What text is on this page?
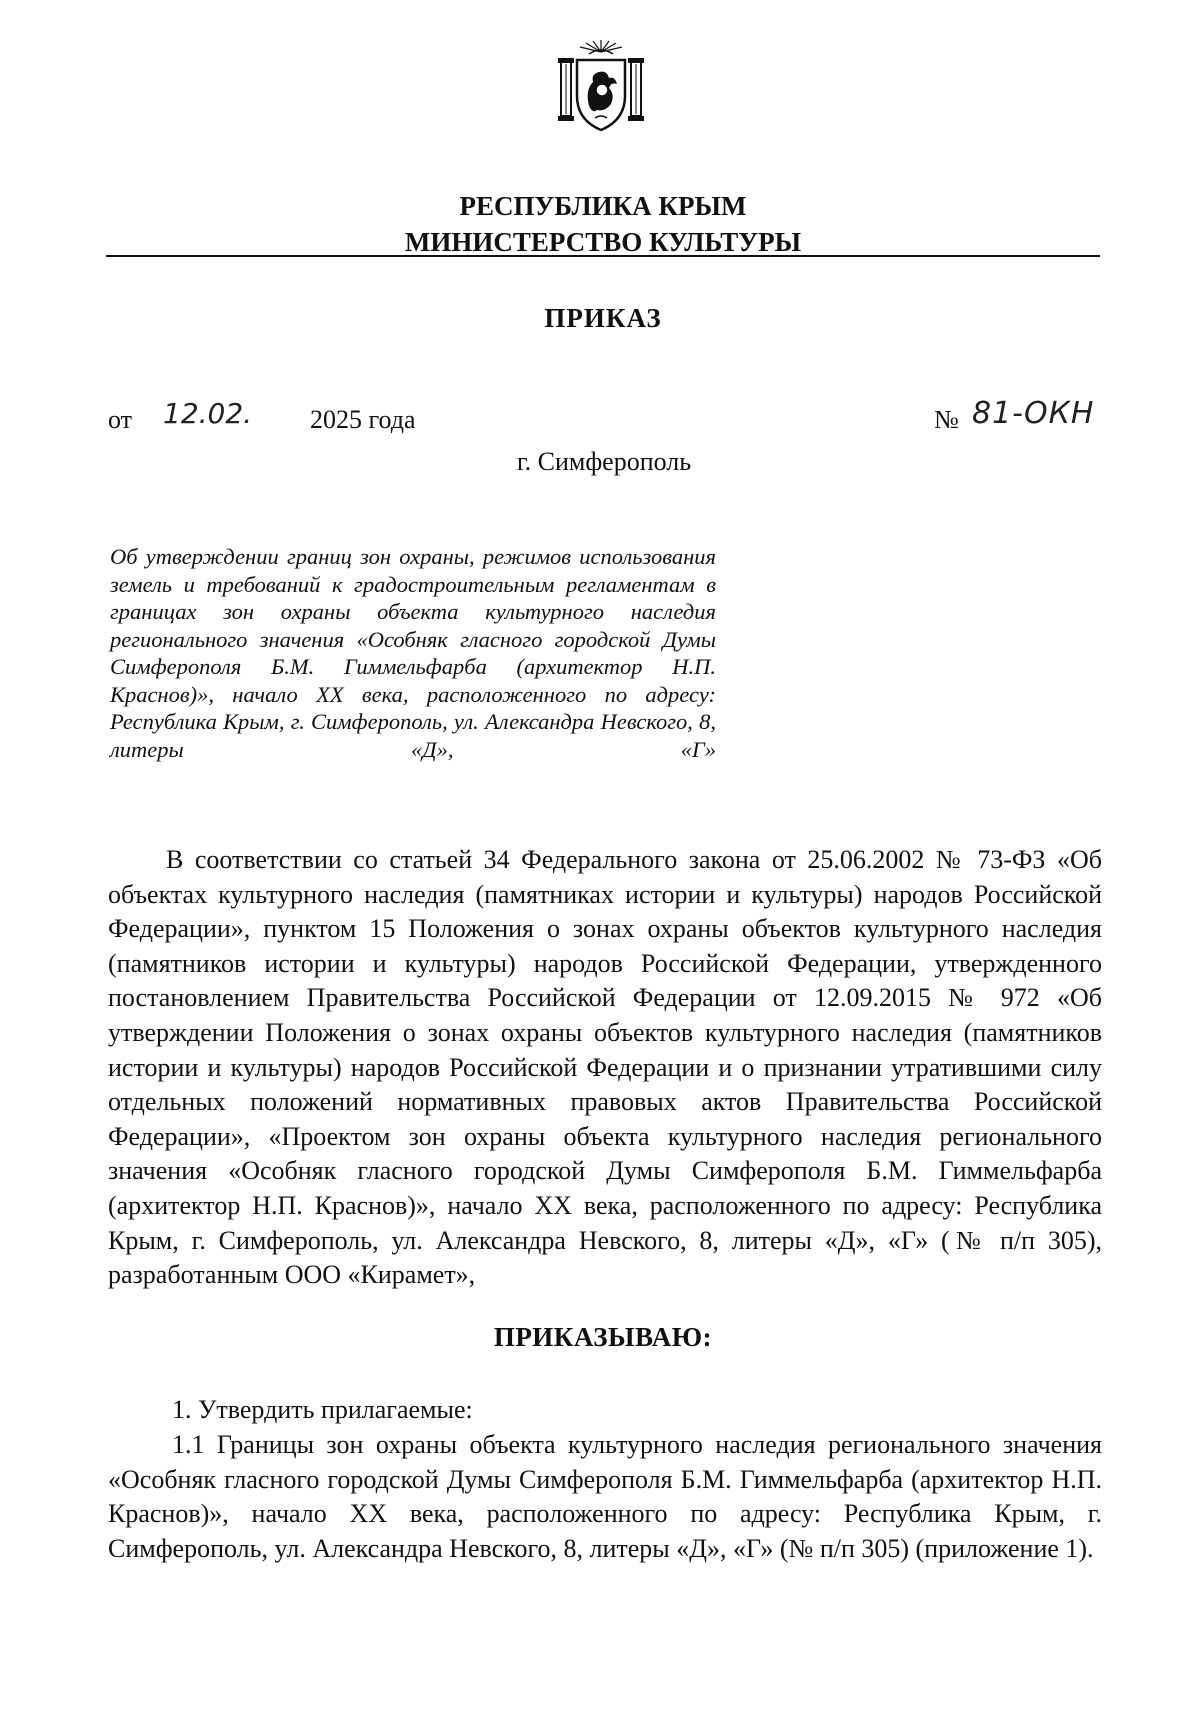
РЕСПУБЛИКА КРЫМ
МИНИСТЕРСТВО КУЛЬТУРЫ
ПРИКАЗ
от 12.02. 2025 года	№ 81-ОКН
г. Симферополь
Об утверждении границ зон охраны, режимов использования земель и требований к градостроительным регламентам в границах зон охраны объекта культурного наследия регионального значения «Особняк гласного городской Думы Симферополя Б.М. Гиммельфарба (архитектор Н.П. Краснов)», начало XX века, расположенного по адресу: Республика Крым, г. Симферополь, ул. Александра Невского, 8, литеры «Д», «Г»
В соответствии со статьей 34 Федерального закона от 25.06.2002 № 73-ФЗ «Об объектах культурного наследия (памятниках истории и культуры) народов Российской Федерации», пунктом 15 Положения о зонах охраны объектов культурного наследия (памятников истории и культуры) народов Российской Федерации, утвержденного постановлением Правительства Российской Федерации от 12.09.2015 № 972 «Об утверждении Положения о зонах охраны объектов культурного наследия (памятников истории и культуры) народов Российской Федерации и о признании утратившими силу отдельных положений нормативных правовых актов Правительства Российской Федерации», «Проектом зон охраны объекта культурного наследия регионального значения «Особняк гласного городской Думы Симферополя Б.М. Гиммельфарба (архитектор Н.П. Краснов)», начало XX века, расположенного по адресу: Республика Крым, г. Симферополь, ул. Александра Невского, 8, литеры «Д», «Г» (№ п/п 305), разработанным ООО «Кирамет»,
ПРИКАЗЫВАЮ:
1. Утвердить прилагаемые:
1.1 Границы зон охраны объекта культурного наследия регионального значения «Особняк гласного городской Думы Симферополя Б.М. Гиммельфарба (архитектор Н.П. Краснов)», начало XX века, расположенного по адресу: Республика Крым, г. Симферополь, ул. Александра Невского, 8, литеры «Д», «Г» (№ п/п 305) (приложение 1).
